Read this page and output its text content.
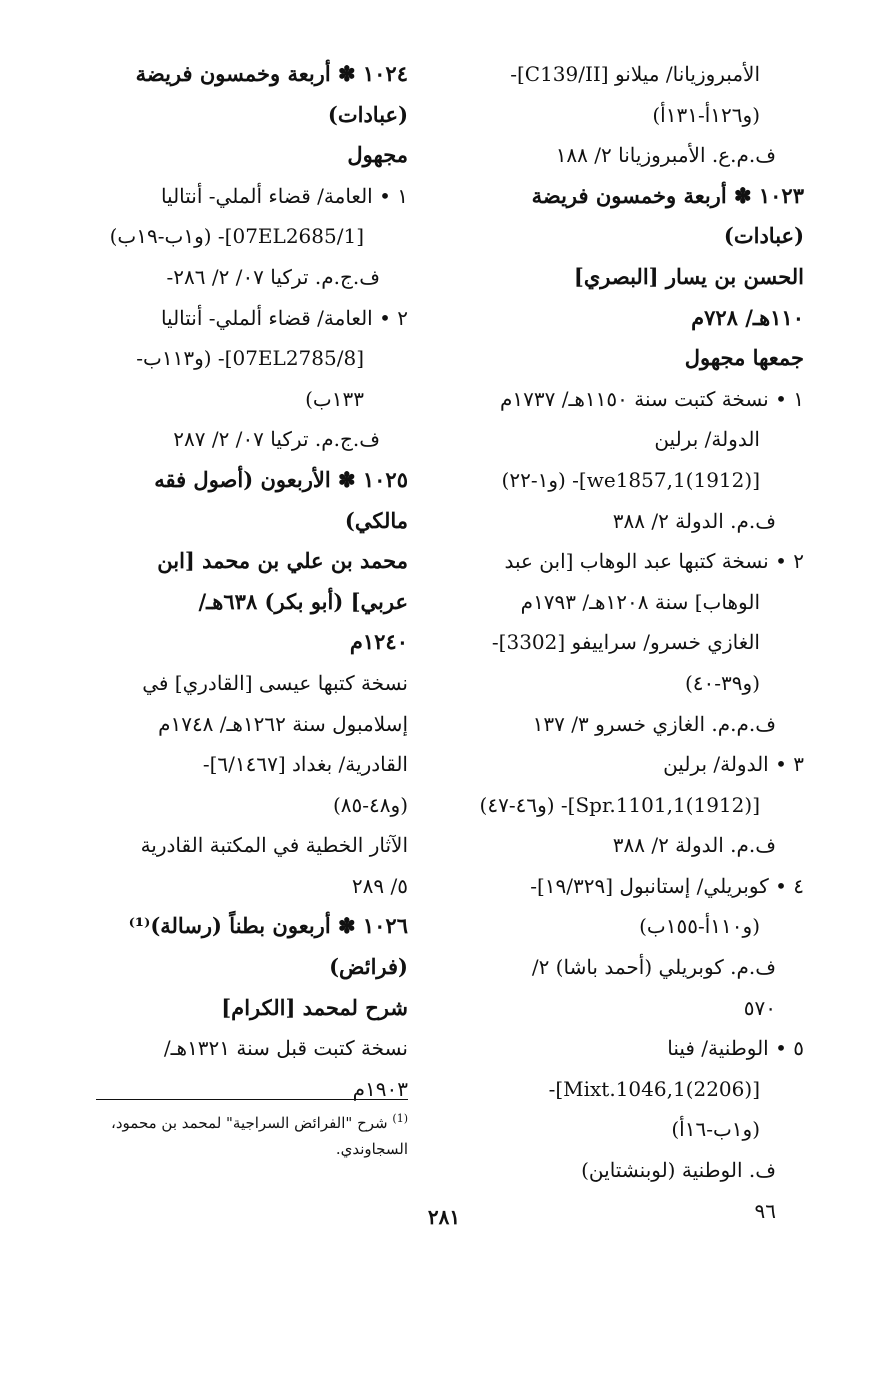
الأمبروزيانا/ ميلانو [C139/II]-
(و١٢٦أ-١٣١أ)
ف.م.ع. الأمبروزيانا ٢/ ١٨٨
١٠٢٣ ✽ أربعة وخمسون فريضة
(عبادات)
الحسن بن يسار [البصري]
١١٠هـ/ ٧٢٨م
جمعها مجهول
١ • نسخة كتبت سنة ١١٥٠هـ/ ١٧٣٧م
الدولة/ برلين
[we1857,1(1912)]- (و١-٢٢)
ف.م. الدولة ٢/ ٣٨٨
٢ • نسخة كتبها عبد الوهاب [ابن عبد
الوهاب] سنة ١٢٠٨هـ/ ١٧٩٣م
الغازي خسرو/ سراييفو [3302]-
(و٣٩-٤٠)
ف.م.م. الغازي خسرو ٣/ ١٣٧
٣ • الدولة/ برلين
[Spr.1101,1(1912)]- (و٤٦-٤٧)
ف.م. الدولة ٢/ ٣٨٨
٤ • كوبريلي/ إستانبول [١٩/٣٢٩]-
(و١١٠أ-١٥٥ب)
ف.م. كوبريلي (أحمد باشا) ٢/
٥٧٠
٥ • الوطنية/ فينا
[Mixt.1046,1(2206)]-
(و١ب-١٦أ)
ف. الوطنية (لوبنشتاين)
٩٦
١٠٢٤ ✽ أربعة وخمسون فريضة
(عبادات)
مجهول
١ • العامة/ قضاء ألملي- أنتاليا
[07EL2685/1]- (و١ب-١٩ب)
ف.ج.م. تركيا ٠٧/ ٢/ ٢٨٦-
٢ • العامة/ قضاء ألملي- أنتاليا
[07EL2785/8]- (و١١٣ب-
١٣٣ب)
ف.ج.م. تركيا ٠٧/ ٢/ ٢٨٧
١٠٢٥ ✽ الأربعون (أصول فقه
مالكي)
محمد بن علي بن محمد [ابن
عربي] (أبو بكر) ٦٣٨هـ/
١٢٤٠م
نسخة كتبها عيسى [القادري] في
إسلامبول سنة ١٢٦٢هـ/ ١٧٤٨م
القادرية/ بغداد [٦/١٤٦٧]-
(و٤٨-٨٥)
الآثار الخطية في المكتبة القادرية
٥/ ٢٨٩
١٠٢٦ ✽ أربعون بطناً (رسالة)⁽¹⁾
(فرائض)
شرح لمحمد [الكرام]
نسخة كتبت قبل سنة ١٣٢١هـ/
١٩٠٣م
$^{(1)}$ شرح "الفرائض السراجية" لمحمد بن محمود، السجاوندي.
٢٨١
